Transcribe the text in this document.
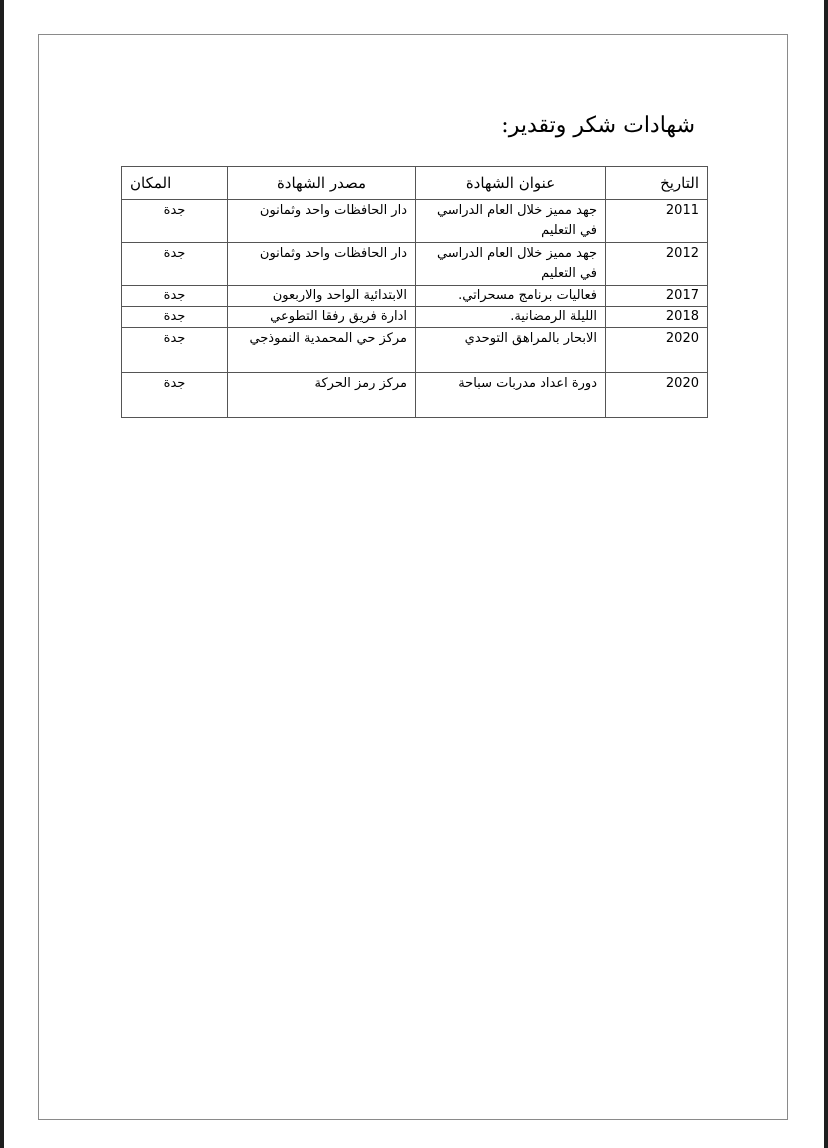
شهادات شكر وتقدير:
التاريخ	عنوان الشهادة	مصدر الشهادة	المكان
2011	جهد مميز خلال العام الدراسي في التعليم	دار الحافظات واحد وثمانون	جدة
2012	جهد مميز خلال العام الدراسي في التعليم	دار الحافظات واحد وثمانون	جدة
2017	فعاليات برنامج مسحراتي.	الابتدائية الواحد والاربعون	جدة
2018	الليلة الرمضانية.	ادارة فريق رفقا التطوعي	جدة
2020	الابحار بالمراهق التوحدي	مركز حي المحمدية النموذجي	جدة
2020	دورة اعداد مدربات سباحة	مركز رمز الحركة	جدة
